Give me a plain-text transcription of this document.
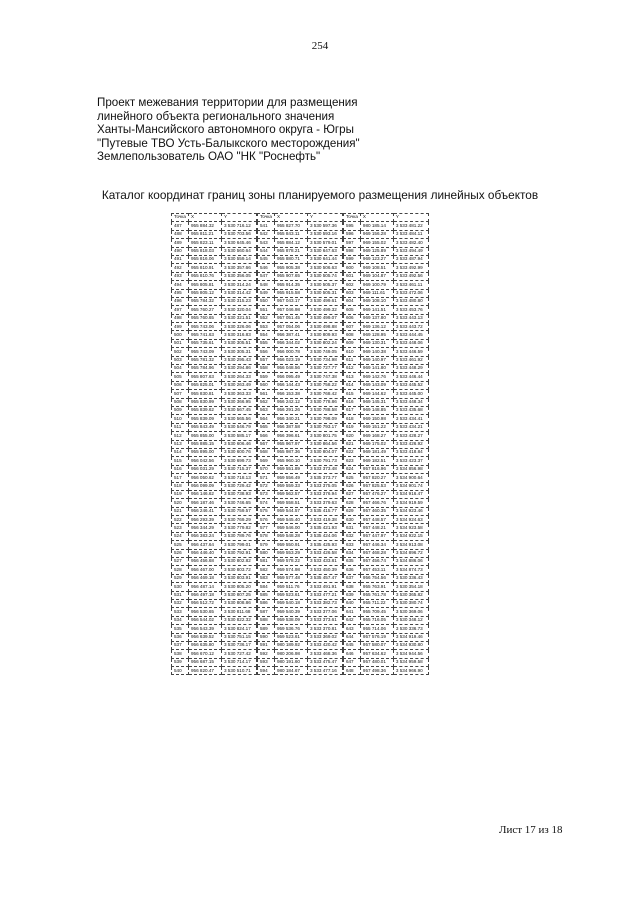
254
Проект межевания территории для размещения
линейного объекта регионального значения
Ханты-Мансийского автономного округа - Югры
"Путевые ТВО Усть-Балыкского месторождения"
Землепользователь ОАО "НК "Роснефть"
Каталог координат границ зоны планируемого размещения линейных объектов
Точка	X	Y
487	955 884.32	3 530 716.12
488	955 811.21	3 530 703.56
489	955 823.11	3 530 645.46
490	955 818.03	3 530 560.64
491	955 816.06	3 530 559.14
492	955 810.91	3 530 357.66
493	955 810.76	3 530 356.05
494	955 805.81	3 530 314.24
495	955 805.12	3 530 314.42
496	955 784.32	3 530 315.23
497	955 760.27	3 530 320.04
498	955 760.65	3 530 321.51
499	955 743.06	3 530 326.06
500	955 741.63	3 530 316.83
501	955 735.61	3 530 305.51
502	955 743.09	3 530 305.31
503	955 781.32	3 530 295.43
504	955 784.96	3 530 294.86
505	955 807.63	3 530 264.33
506	955 825.01	3 530 263.49
507	955 830.81	3 530 363.33
508	955 830.99	3 530 366.95
509	955 839.62	3 530 567.45
510	955 839.09	3 530 565.56
511	955 843.49	3 530 546.79
512	955 855.00	3 530 585.17
513	955 885.15	3 530 606.46
514	955 895.00	3 530 600.76
515	956 042.56	3 530 699.73
516	956 031.29	3 530 715.37
517	956 050.62	3 530 718.13
518	956 099.09	3 530 729.42
519	956 146.62	3 530 738.93
520	956 187.46	3 530 746.65
521	956 246.41	3 530 759.57
522	956 293.39	3 530 769.29
523	956 344.29	3 530 779.82
524	956 383.24	3 530 789.76
525	956 437.64	3 530 799.01
526	956 446.40	3 530 792.91
527	956 456.68	3 530 802.82
528	956 467.00	3 530 803.72
529	956 469.18	3 530 803.91
530	956 487.14	3 530 805.20
531	956 497.18	3 530 807.25
532	956 512.72	3 530 808.86
533	956 530.65	3 530 811.68
534	956 544.02	3 530 822.32
535	956 543.39	3 530 824.17
536	956 639.52	3 530 751.15
537	956 635.80	3 530 736.17
538	956 670.12	3 530 727.42
539	956 687.15	3 530 714.17
540	956 820.47	3 530 510.71
Точка	X	Y
541	955 827.70	3 530 597.36
542	955 843.11	3 530 593.16
543	955 884.12	3 530 579.01
544	955 878.21	3 530 647.63
545	955 880.71	3 530 641.44
546	955 905.38	3 530 506.63
547	955 907.65	3 530 505.74
548	955 914.35	3 530 505.37
549	955 915.58	3 530 505.31
550	957 043.17	3 530 499.61
551	957 046.98	3 530 499.32
552	957 051.45	3 530 499.07
553	957 054.06	3 530 498.88
554	956 387.41	3 530 809.93
555	956 344.02	3 530 802.24
556	956 000.78	3 530 749.05
557	956 023.19	3 530 734.98
558	956 048.56	3 530 727.77
559	956 095.49	3 530 747.38
560	956 144.43	3 530 758.22
561	956 153.38	3 530 768.42
562	956 242.12	3 530 778.86
563	956 291.26	3 530 788.58
564	956 340.21	3 530 798.09
565	956 387.58	3 530 793.17
566	956 396.61	3 530 801.75
567	955 967.97	3 530 864.56
568	955 987.36	3 530 804.07
569	955 960.10	3 530 791.73
570	959 551.89	3 533 373.48
571	959 556.49	3 535 373.77
572	959 559.33	3 533 375.05
573	959 562.57	3 533 376.94
574	959 558.51	3 533 379.63
575	959 544.57	3 535 415.77
576	959 545.40	3 533 419.38
577	959 546.00	3 535 421.93
578	959 548.28	3 535 424.06
579	959 550.91	3 535 425.93
580	959 553.29	3 533 426.58
581	959 578.22	3 533 433.81
582	959 574.98	3 533 450.39
583	959 577.48	3 535 457.47
584	959 511.76	3 533 491.91
585	959 523.61	3 533 477.21
586	959 540.18	3 533 382.73
587	959 540.39	3 533 377.06
588	959 538.09	3 533 373.61
589	959 536.76	3 533 370.81
590	959 523.61	3 533 369.02
591	980 189.92	3 533 420.42
592	980 206.98	3 533 468.36
593	980 191.60	3 533 475.47
594	980 184.67	3 533 477.16
Точка	X	Y
595	980 185.14	3 533 481.22
596	969 156.28	3 533 484.11
597	969 155.02	3 533 482.40
598	969 125.89	3 533 494.49
599	969 123.27	3 533 487.94
600	969 108.51	3 533 492.99
601	969 104.87	3 533 492.56
602	969 100.79	3 533 461.11
603	969 111.61	3 533 472.06
604	969 108.10	3 533 480.80
605	969 141.51	3 533 453.76
606	969 137.80	3 533 443.13
607	969 136.12	3 533 443.72
608	969 128.95	3 533 444.45
609	969 130.31	3 533 448.06
610	969 140.38	3 533 446.59
611	969 140.97	3 533 461.92
612	969 141.80	3 533 448.29
613	969 142.76	3 533 446.44
614	969 143.09	3 533 445.52
615	969 144.62	3 533 445.00
616	969 145.31	3 533 448.34
617	969 148.85	3 533 435.68
618	969 150.98	3 533 434.41
619	969 151.22	3 533 434.21
620	969 168.27	3 533 428.27
621	969 175.02	3 533 426.92
622	969 181.49	3 533 418.84
623	969 182.51	3 533 423.37
624	957 816.96	3 534 856.98
625	957 820.27	3 534 900.64
626	957 825.53	3 534 901.74
627	957 476.27	3 534 916.47
628	957 466.76	3 534 919.59
629	957 460.35	3 534 923.46
630	957 448.57	3 534 924.63
631	957 448.21	3 534 923.58
632	957 447.97	3 534 922.15
633	957 446.34	3 534 913.08
634	957 468.28	3 534 896.72
635	957 456.74	3 534 886.06
636	957 453.11	3 534 874.73
637	956 754.56	3 530 336.43
638	955 763.91	3 530 354.18
639	955 761.78	3 530 365.82
640	955 711.22	3 530 380.74
641	955 709.45	3 530 369.06
642	955 716.05	3 530 348.12
643	955 714.06	3 530 336.73
644	957 576.19	3 534 919.46
645	957 580.07	3 534 930.80
646	957 634.62	3 534 944.56
647	957 480.01	3 534 959.58
648	957 498.36	3 534 966.90
Лист 17 из 18
